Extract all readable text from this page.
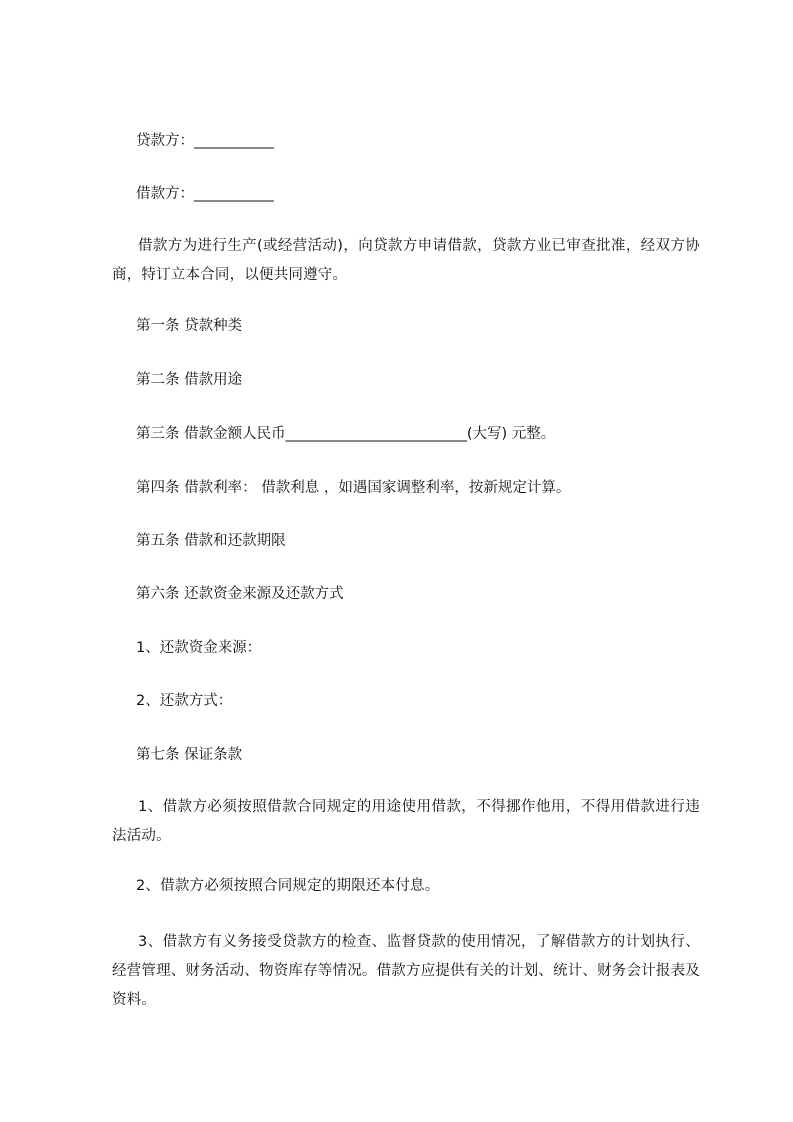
贷款方：___________
借款方：___________
借款方为进行生产(或经营活动)，向贷款方申请借款，贷款方业已审查批准，经双方协商，特订立本合同，以便共同遵守。
第一条 贷款种类
第二条 借款用途
第三条 借款金额人民币_________________________(大写) 元整。
第四条 借款利率： 借款利息 ，如遇国家调整利率，按新规定计算。
第五条 借款和还款期限
第六条 还款资金来源及还款方式
1、还款资金来源：
2、还款方式：
第七条 保证条款
1、借款方必须按照借款合同规定的用途使用借款，不得挪作他用，不得用借款进行违法活动。
2、借款方必须按照合同规定的期限还本付息。
3、借款方有义务接受贷款方的检查、监督贷款的使用情况，了解借款方的计划执行、经营管理、财务活动、物资库存等情况。借款方应提供有关的计划、统计、财务会计报表及资料。
